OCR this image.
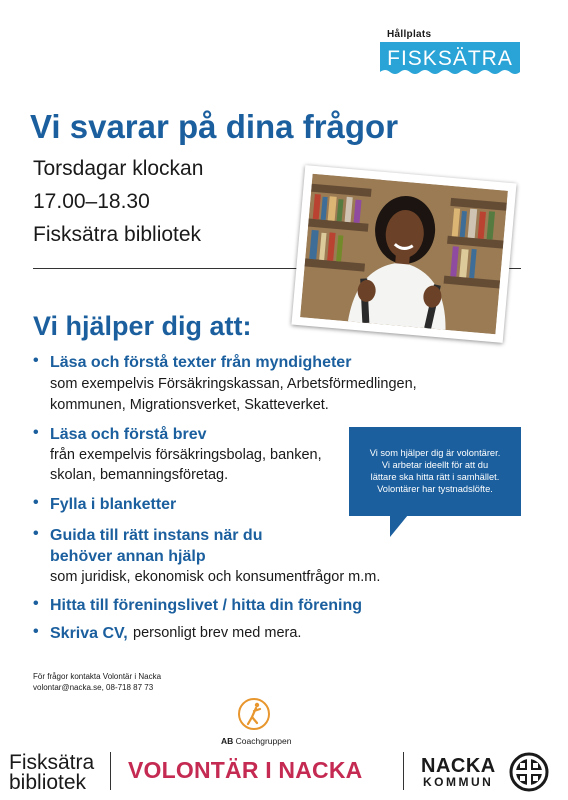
Hållplats
FISKSÄTRA
Vi svarar på dina frågor
Torsdagar klockan
17.00–18.30
Fisksätra bibliotek
Vi hjälper dig att:
• Läsa och förstå texter från myndigheter
som exempelvis Försäkringskassan, Arbetsförmedlingen,
kommunen, Migrationsverket, Skatteverket.
• Läsa och förstå brev
från exempelvis försäkringsbolag, banken,
skolan, bemanningsföretag.
• Fylla i blanketter
• Guida till rätt instans när du
behöver annan hjälp
som juridisk, ekonomisk och konsumentfrågor m.m.
• Hitta till föreningslivet / hitta din förening
• Skriva CV, personligt brev med mera.
Vi som hjälper dig är volontärer.
Vi arbetar ideellt för att du
lättare ska hitta rätt i samhället.
Volontärer har tystnadslöfte.
För frågor kontakta Volontär i Nacka
volontar@nacka.se, 08-718 87 73
AB Coachgruppen
Fisksätra
bibliotek VOLONTÄR I NACKA	NACKA
KOMMUN
